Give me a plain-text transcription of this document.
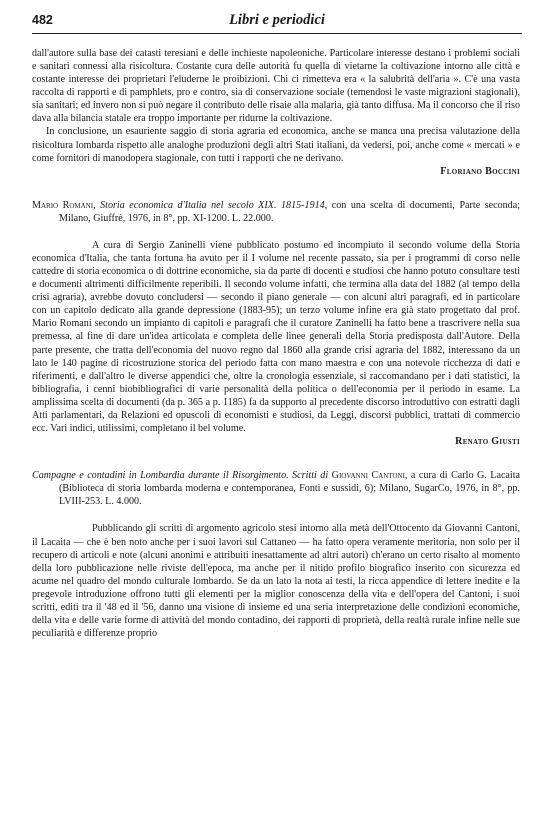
482	Libri e periodici

dall'autore sulla base dei catasti teresiani e delle inchieste napoleoniche. Particolare interesse destano i problemi sociali e sanitari connessi alla risicoltura. Costante cura delle autorità fu quella di vietarne la coltivazione intorno alle città e costante interesse dei proprietari l'eluderne le proibizioni. Chi ci rimetteva era « la salubrità dell'aria ». C'è una vasta raccolta di rapporti e di pamphlets, pro e contro, sia di conservazione sociale (temendosi le vaste migrazioni stagionali), sia sanitari; ed invero non si può negare il contributo delle risaie alla malaria, già tanto diffusa. Ma il concorso che il riso dava alla bilancia statale era troppo importante per ridurne la coltivazione.

In conclusione, un esauriente saggio di storia agraria ed economica, anche se manca una precisa valutazione della risicoltura lombarda rispetto alle analoghe produzioni degli altri Stati italiani, da vedersi, poi, anche come « mercati » e come fornitori di manodopera stagionale, con tutti i rapporti che ne derivano.

Floriano Boccini

Mario Romani, Storia economica d'Italia nel secolo XIX. 1815-1914, con una scelta di documenti, Parte seconda; Milano, Giuffrè, 1976, in 8°, pp. XI-1200. L. 22.000.

A cura di Sergio Zaninelli viene pubblicato postumo ed incompiuto il secondo volume della Storia economica d'Italia, che tanta fortuna ha avuto per il I volume nel recente passato, sia per i programmi di corso nelle cattedre di storia economica o di dottrine economiche, sia da parte di docenti e studiosi che hanno potuto consultare testi e documenti altrimenti difficilmente reperibili. Il secondo volume infatti, che termina alla data del 1882 (al tempo della crisi agraria), avrebbe dovuto concludersi — secondo il piano generale — con alcuni altri paragrafi, ed in particolare con un capitolo dedicato alla grande depressione (1883-95); un terzo volume infine era già stato progettato dal prof. Mario Romani secondo un impianto di capitoli e paragrafi che il curatore Zaninelli ha fatto bene a trascrivere nella sua premessa, al fine di dare un'idea articolata e completa delle linee generali della Storia predisposta dall'Autore. Della parte presente, che tratta dell'economia del nuovo regno dal 1860 alla grande crisi agraria del 1882, interessano da un lato le 140 pagine di ricostruzione storica del periodo fatta con mano maestra e con una notevole ricchezza di dati e riferimenti, e dall'altro le diverse appendici che, oltre la cronologia essenziale, si raccomandano per i dati statistici, la bibliografia, i cenni biobibliografici di varie personalità della politica o dell'economia per il periodo in esame. La amplissima scelta di documenti (da p. 365 a p. 1185) fa da supporto al precedente discorso introduttivo con estratti dagli Atti parlamentari, da Relazioni ed opuscoli di economisti e studiosi, da Leggi, discorsi pubblici, trattati di commercio ecc. Vari indici, utilissimi, completano il bel volume.

Renato Giusti

Campagne e contadini in Lombardia durante il Risorgimento. Scritti di Giovanni Cantoni, a cura di Carlo G. Lacaita (Biblioteca di storia lombarda moderna e contemporanea, Fonti e sussidi, 6); Milano, SugarCo, 1976, in 8°, pp. LVIII-253. L. 4.000.

Pubblicando gli scritti di argomento agricolo stesi intorno alla metà dell'Ottocento da Giovanni Cantoni, il Lacaita — che è ben noto anche per i suoi lavori sul Cattaneo — ha fatto opera veramente meritoria, non solo per il recupero di articoli e note (alcuni anonimi e attribuiti inesattamente ad altri autori) ch'erano un certo risalto al momento della loro pubblicazione nelle riviste dell'epoca, ma anche per il nitido profilo biografico inserito con sicurezza ed acume nel quadro del mondo culturale lombardo. Se da un lato la nota ai testi, la ricca appendice di lettere inedite e la pregevole introduzione offrono tutti gli elementi per la miglior conoscenza della vita e dell'opera del Cantoni, i suoi scritti, editi tra il '48 ed il '56, danno una visione di insieme ed una seria interpretazione delle condizioni economiche, della vita e delle varie forme di attività del mondo contadino, dei rapporti di proprietà, della realtà rurale infine nelle sue peculiarità e differenze proprio
